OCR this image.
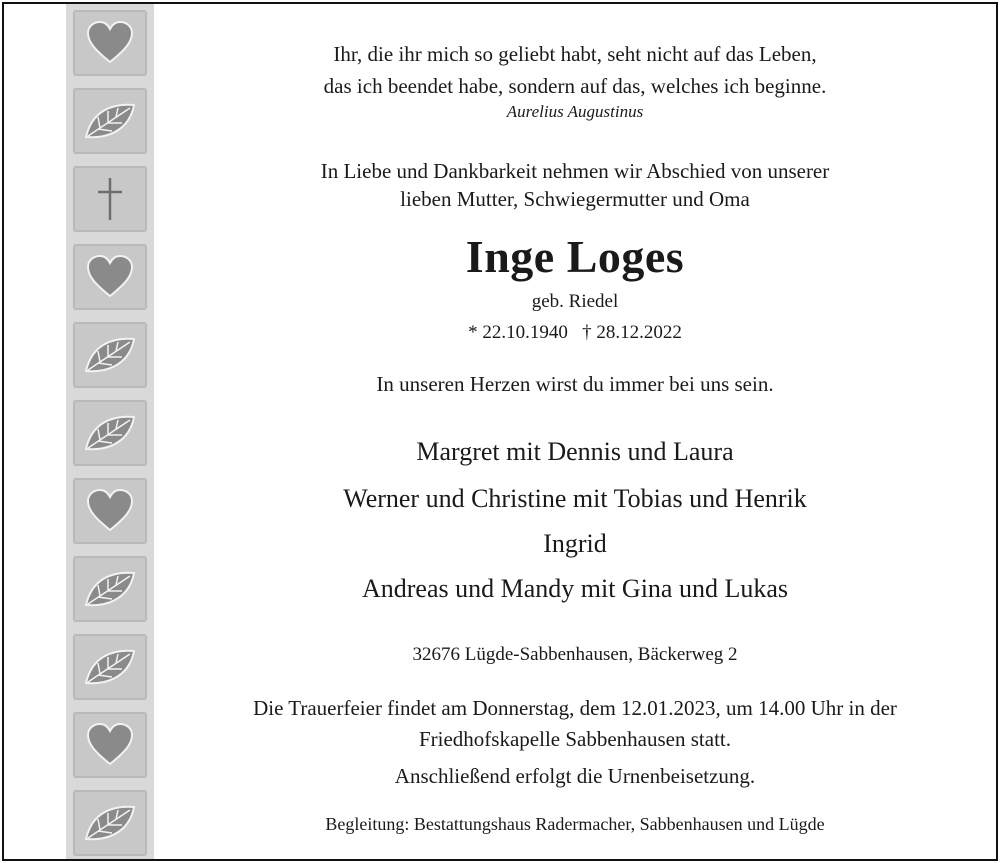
Ihr, die ihr mich so geliebt habt, seht nicht auf das Leben,
das ich beendet habe, sondern auf das, welches ich beginne.
Aurelius Augustinus
In Liebe und Dankbarkeit nehmen wir Abschied von unserer
lieben Mutter, Schwiegermutter und Oma
Inge Loges
geb. Riedel
* 22.10.1940   † 28.12.2022
In unseren Herzen wirst du immer bei uns sein.
Margret mit Dennis und Laura
Werner und Christine mit Tobias und Henrik
Ingrid
Andreas und Mandy mit Gina und Lukas
32676 Lügde-Sabbenhausen, Bäckerweg 2
Die Trauerfeier findet am Donnerstag, dem 12.01.2023, um 14.00 Uhr in der
Friedhofskapelle Sabbenhausen statt.
Anschließend erfolgt die Urnenbeisetzung.
Begleitung: Bestattungshaus Radermacher, Sabbenhausen und Lügde
